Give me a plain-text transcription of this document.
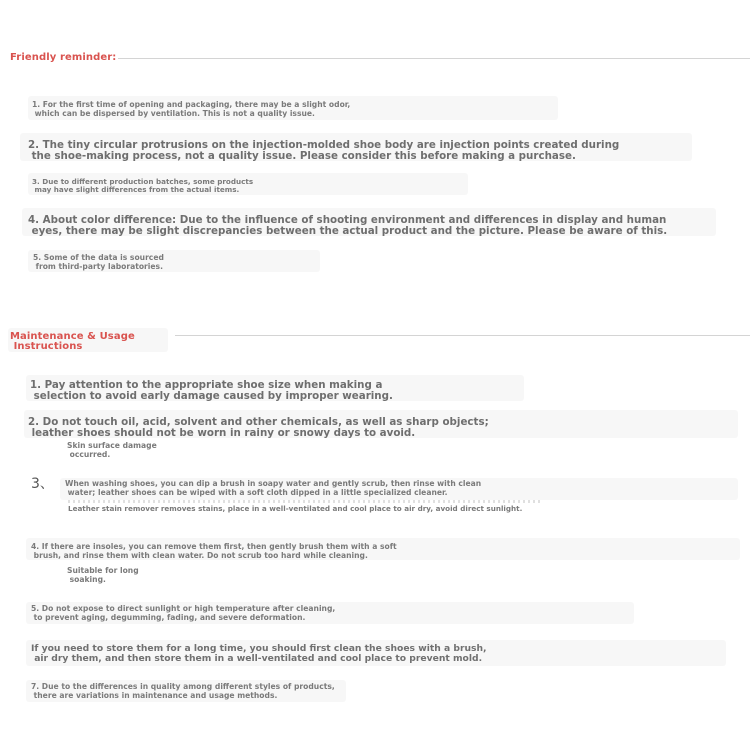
Friendly reminder:
1. For the first time of opening and packaging, there may be a slight odor,
which can be dispersed by ventilation. This is not a quality issue.
2. The tiny circular protrusions on the injection-molded shoe body are injection points created during
the shoe-making process, not a quality issue. Please consider this before making a purchase.
3. Due to different production batches, some products
may have slight differences from the actual items.
4. About color difference: Due to the influence of shooting environment and differences in display and human
eyes, there may be slight discrepancies between the actual product and the picture. Please be aware of this.
5. Some of the data is sourced
from third-party laboratories.
Maintenance & Usage
Instructions
1. Pay attention to the appropriate shoe size when making a
selection to avoid early damage caused by improper wearing.
2. Do not touch oil, acid, solvent and other chemicals, as well as sharp objects;
leather shoes should not be worn in rainy or snowy days to avoid.
Skin surface damage
occurred.
3、 When washing shoes, you can dip a brush in soapy water and gently scrub, then rinse with clean
water; leather shoes can be wiped with a soft cloth dipped in a little specialized cleaner.
Leather stain remover removes stains, place in a well-ventilated and cool place to air dry, avoid direct sunlight.
4. If there are insoles, you can remove them first, then gently brush them with a soft
brush, and rinse them with clean water. Do not scrub too hard while cleaning.
Suitable for long
soaking.
5. Do not expose to direct sunlight or high temperature after cleaning,
to prevent aging, degumming, fading, and severe deformation.
If you need to store them for a long time, you should first clean the shoes with a brush,
air dry them, and then store them in a well-ventilated and cool place to prevent mold.
7. Due to the differences in quality among different styles of products,
there are variations in maintenance and usage methods.
